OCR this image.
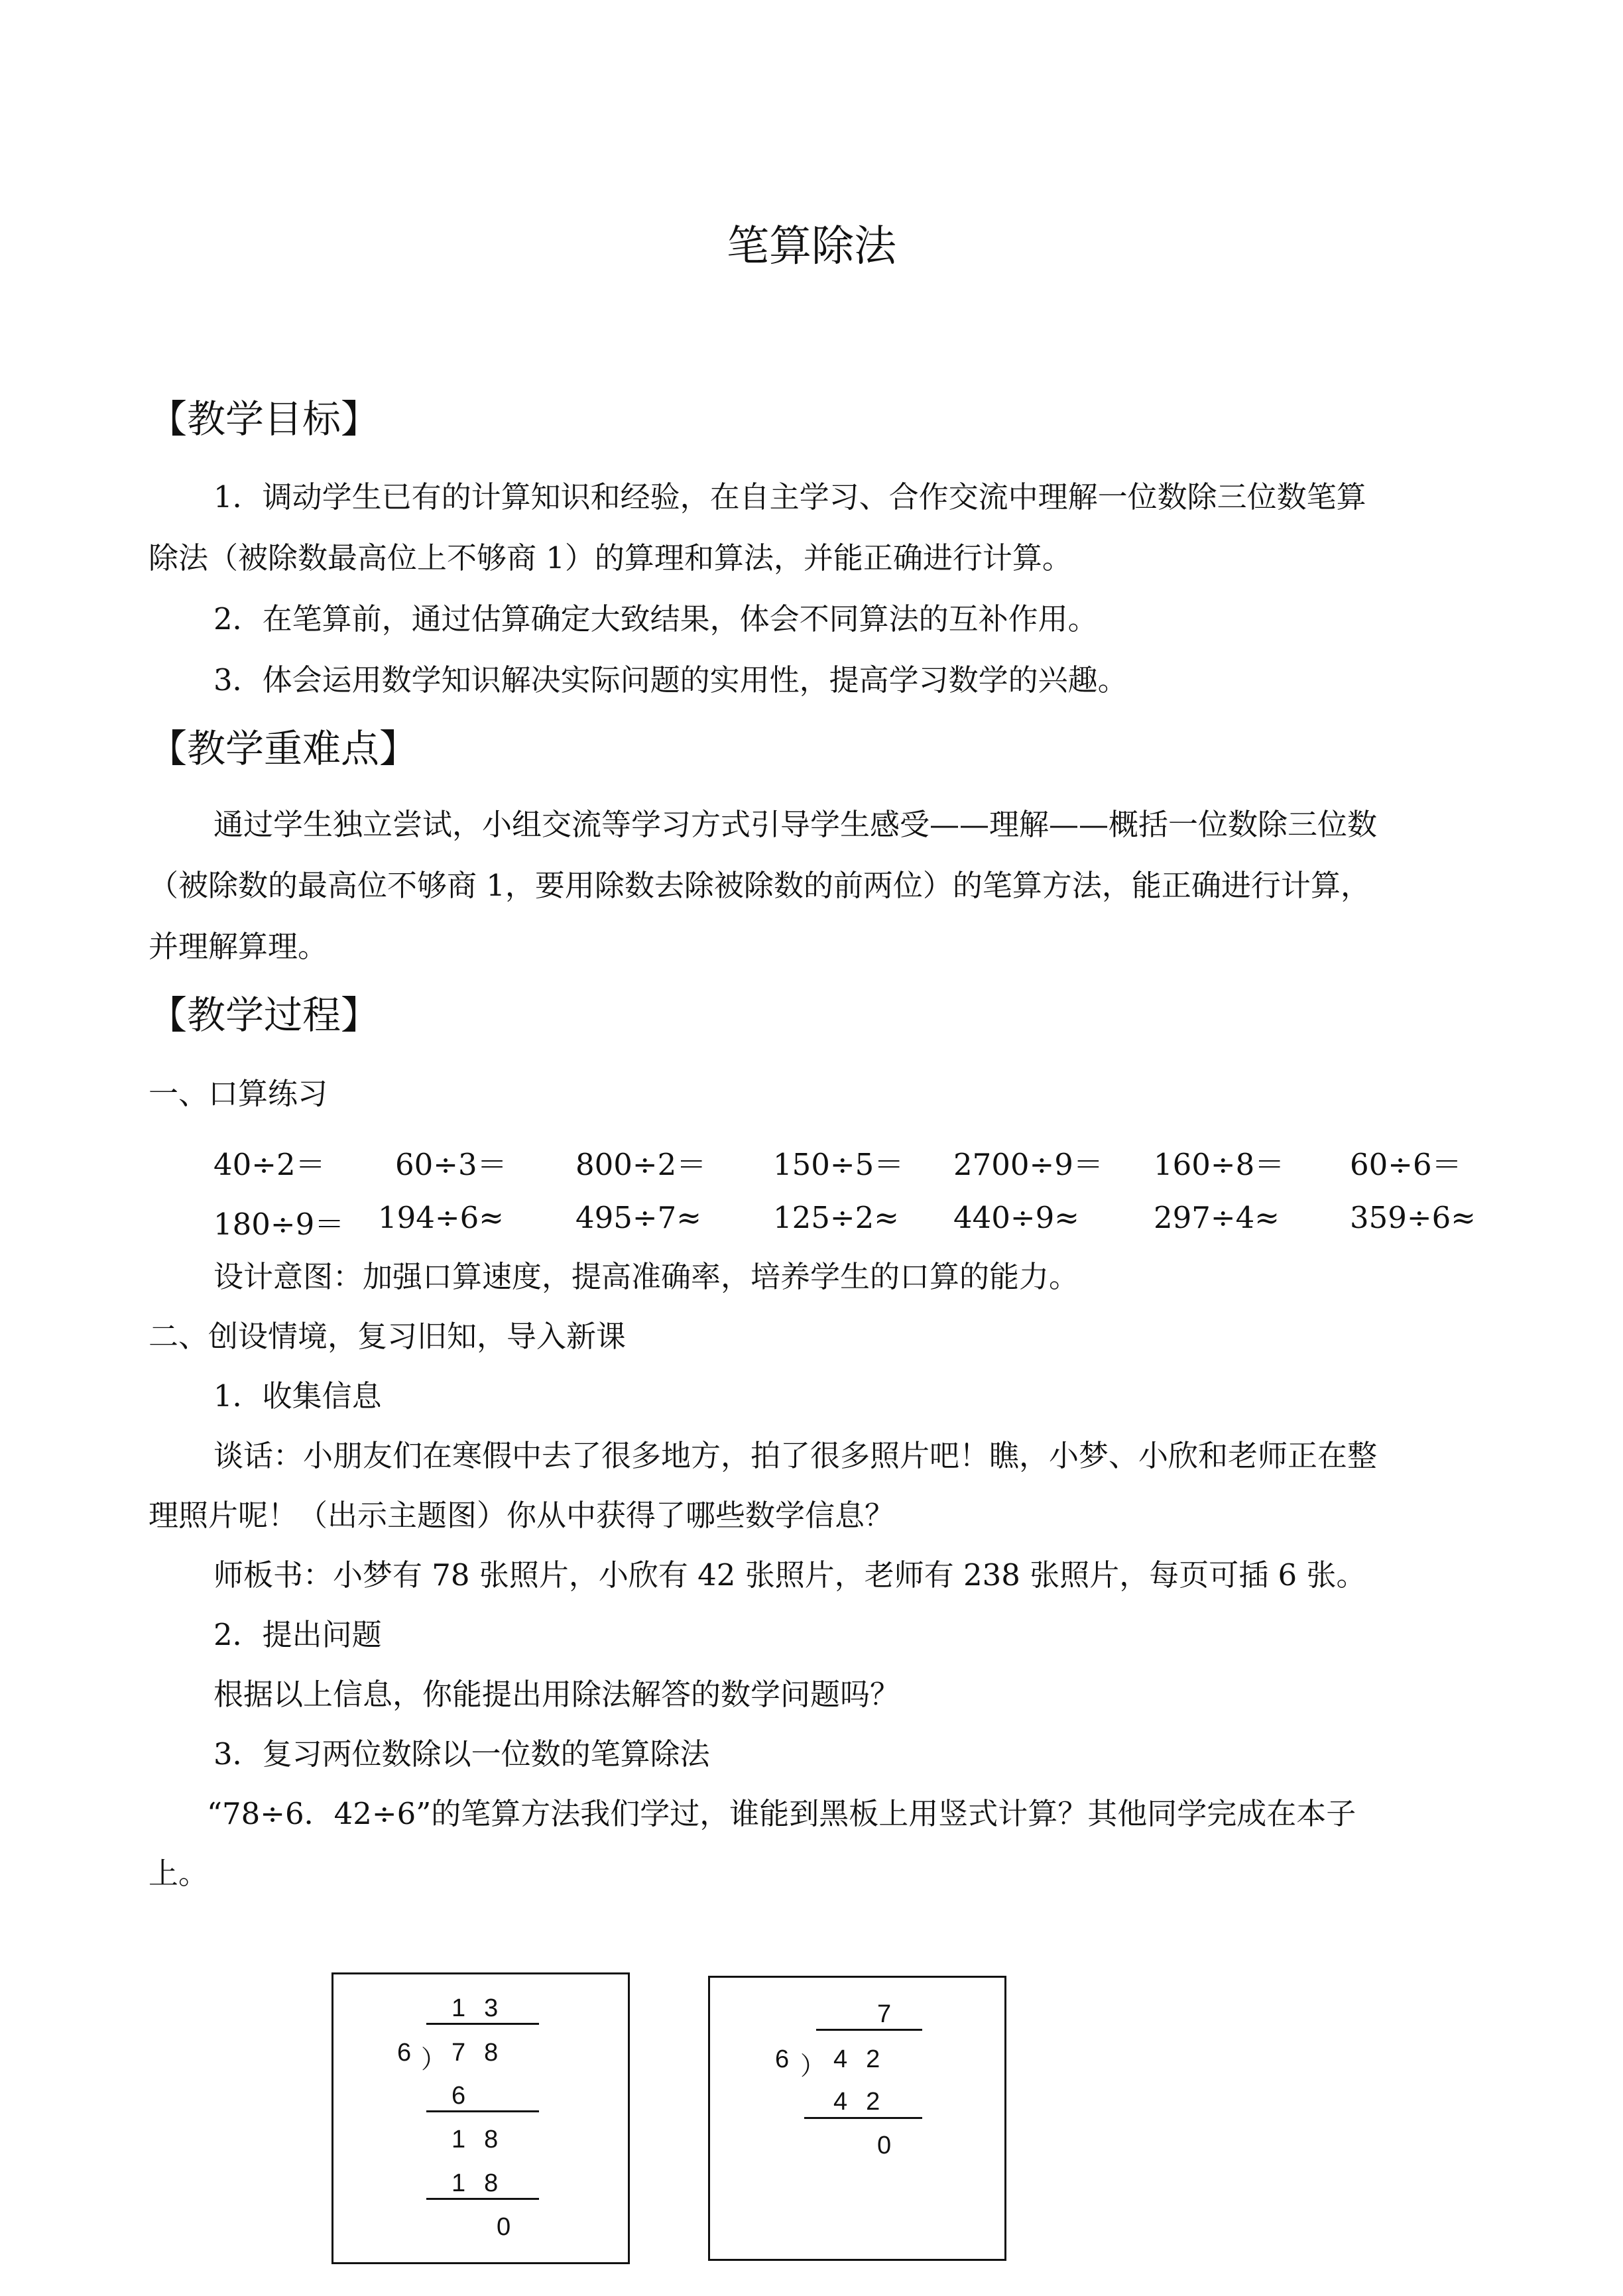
笔算除法
【教学目标】
1．调动学生已有的计算知识和经验，在自主学习、合作交流中理解一位数除三位数笔算
除法（被除数最高位上不够商 1）的算理和算法，并能正确进行计算。
2．在笔算前，通过估算确定大致结果，体会不同算法的互补作用。
3．体会运用数学知识解决实际问题的实用性，提高学习数学的兴趣。
【教学重难点】
通过学生独立尝试，小组交流等学习方式引导学生感受——理解——概括一位数除三位数
（被除数的最高位不够商 1，要用除数去除被除数的前两位）的笔算方法，能正确进行计算，
并理解算理。
【教学过程】
一、口算练习
40÷2＝ 60÷3＝ 800÷2＝ 150÷5＝ 2700÷9＝ 160÷8＝ 60÷6＝
180÷9＝ 194÷6≈ 495÷7≈ 125÷2≈ 440÷9≈ 297÷4≈ 359÷6≈
设计意图：加强口算速度，提高准确率，培养学生的口算的能力。
二、创设情境，复习旧知，导入新课
1．收集信息
谈话：小朋友们在寒假中去了很多地方，拍了很多照片吧！瞧，小梦、小欣和老师正在整
理照片呢！（出示主题图）你从中获得了哪些数学信息？
师板书：小梦有 78 张照片，小欣有 42 张照片，老师有 238 张照片，每页可插 6 张。
2．提出问题
根据以上信息，你能提出用除法解答的数学问题吗？
3．复习两位数除以一位数的笔算除法
“78÷6．42÷6”的笔算方法我们学过，谁能到黑板上用竖式计算？其他同学完成在本子
上。
13
6 ） 78
6
18
18
0
7
6 ） 42
42
0
